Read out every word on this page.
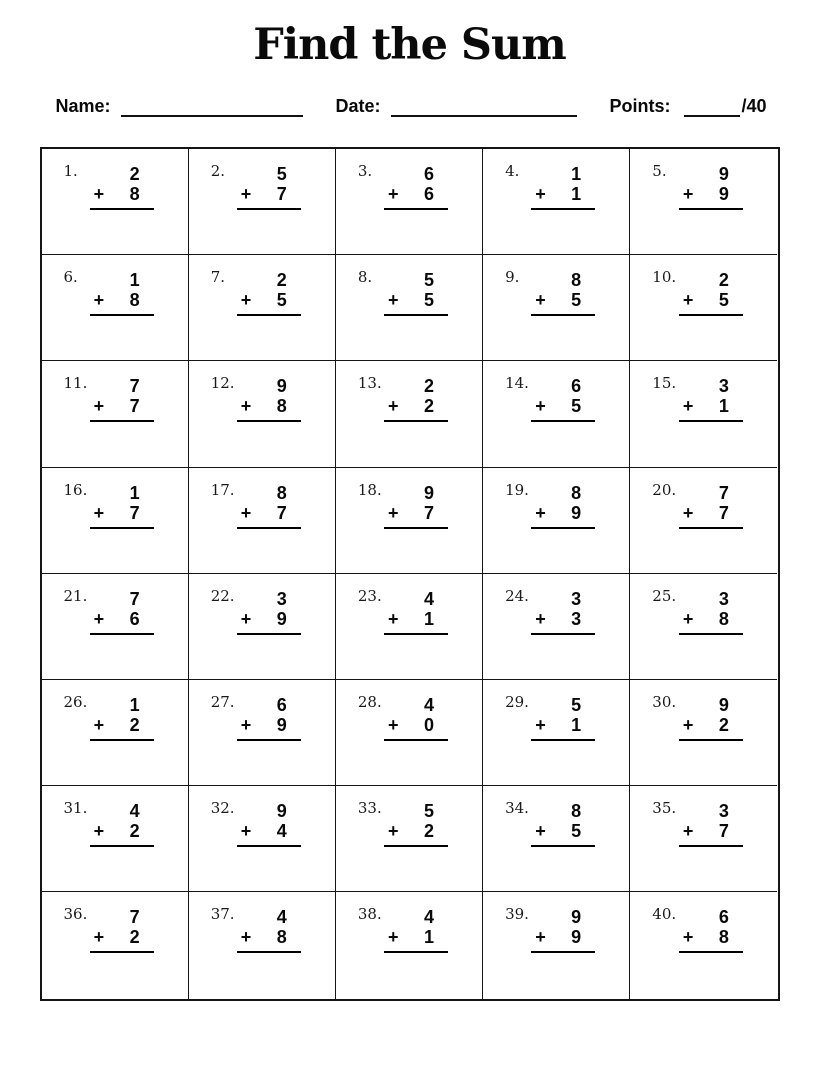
Find the Sum
Name:	Date:	Points:	/40
1.	2
+ 8
2.	5
+ 7
3.	6
+ 6
4.	1
+ 1
5.	9
+ 9
6.	1
+ 8
7.	2
+ 5
8.	5
+ 5
9.	8
+ 5
10.	2
+ 5
11.	7
+ 7
12.	9
+ 8
13.	2
+ 2
14.	6
+ 5
15.	3
+ 1
16.	1
+ 7
17.	8
+ 7
18.	9
+ 7
19.	8
+ 9
20.	7
+ 7
21.	7
+ 6
22.	3
+ 9
23.	4
+ 1
24.	3
+ 3
25.	3
+ 8
26.	1
+ 2
27.	6
+ 9
28.	4
+ 0
29.	5
+ 1
30.	9
+ 2
31.	4
+ 2
32.	9
+ 4
33.	5
+ 2
34.	8
+ 5
35.	3
+ 7
36.	7
+ 2
37.	4
+ 8
38.	4
+ 1
39.	9
+ 9
40.	6
+ 8
